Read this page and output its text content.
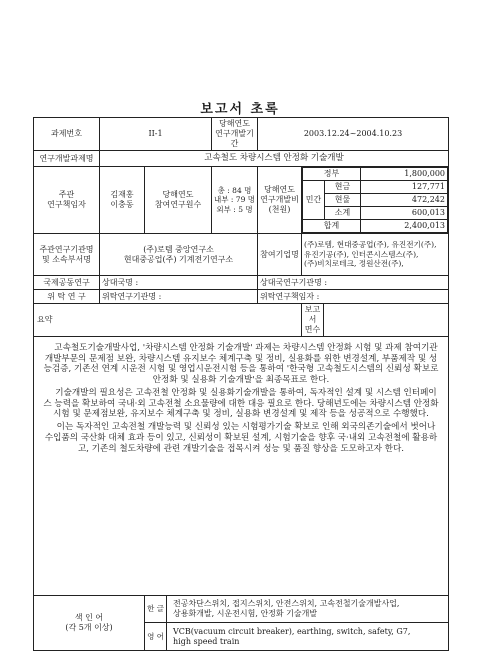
보고서 초록
과제번호	II-1	
당해연도
연구개발기간
	2003.12.24~2004.10.23
연구개발과제명	고속철도 차량시스템 안정화 기술개발

주관
연구책임자

김재홍
이충동

당해연도
참여연구원수

총 : 84 명
내부 : 79 명
외부 : 5 명

당해연도
연구개발비
(천원)

정부	1,800,000
민간	현금	127,771
현물	472,242
소계	600,013
합계	2,400,013

주관연구기관명
및 소속부서명

(주)로템 중앙연구소
현대중공업(주) 기계전기연구소
	참여기업명	
(주)로템, 현대중공업(주), 유진전기(주),
유진기공(주), 인터콘시스템스(주),
(주)비치로테크, 정원산전(주),

국제공동연구	상대국명 :	상대국연구기관명 :
위 탁 연 구	위탁연구기관명 :	위탁연구책임자 :
요약	
보고서
면수

고속철도기술개발사업, '차량시스템 안정화 기술개발' 과제는 차량시스템 안정화 시험 및 과제 참여기관 개발부문의 문제점 보완, 차량시스템 유지보수 체계구축 및 정비, 실용화를 위한 변경설계, 부품제작 및 성능검증, 기존선 연계 시운전 시험 및 영업시운전시험 등을 통하여 '한국형 고속철도시스템의 신뢰성 확보로 안정화 및 실용화 기술개발'을 최종목표로 한다.

기술개발의 필요성은 고속전철 안정화 및 실용화기술개발을 통하여, 독자적인 설계 및 시스템 인터페이스 능력을 확보하여 국내·외 고속전철 소요물량에 대한 대응 필요로 한다. 당해년도에는 차량시스템 안정화시험 및 문제점보완, 유지보수 체계구축 및 정비, 실용화 변경설계 및 제작 등을 성공적으로 수행했다.

이는 독자적인 고속전철 개발능력 및 신뢰성 있는 시험평가기술 확보로 인해 외국의존기술에서 벗어나 수입품의 국산화 대체 효과 등이 있고, 신뢰성이 확보된 설계, 시험기술을 향후 국·내외 고속전철에 활용하고, 기존의 철도차량에 관련 개발기술을 접목시켜 성능 및 품질 향상을 도모하고자 한다.

색 인 어
(각 5개 이상)
	한 글	
전공차단스위치, 접지스위치, 안전스위치, 고속전철기술개발사업,
상용화개발, 시운전시험, 안정화 기술개발

영 어	
VCB(vacuum circuit breaker), earthing, switch, safety, G7,
high speed train
